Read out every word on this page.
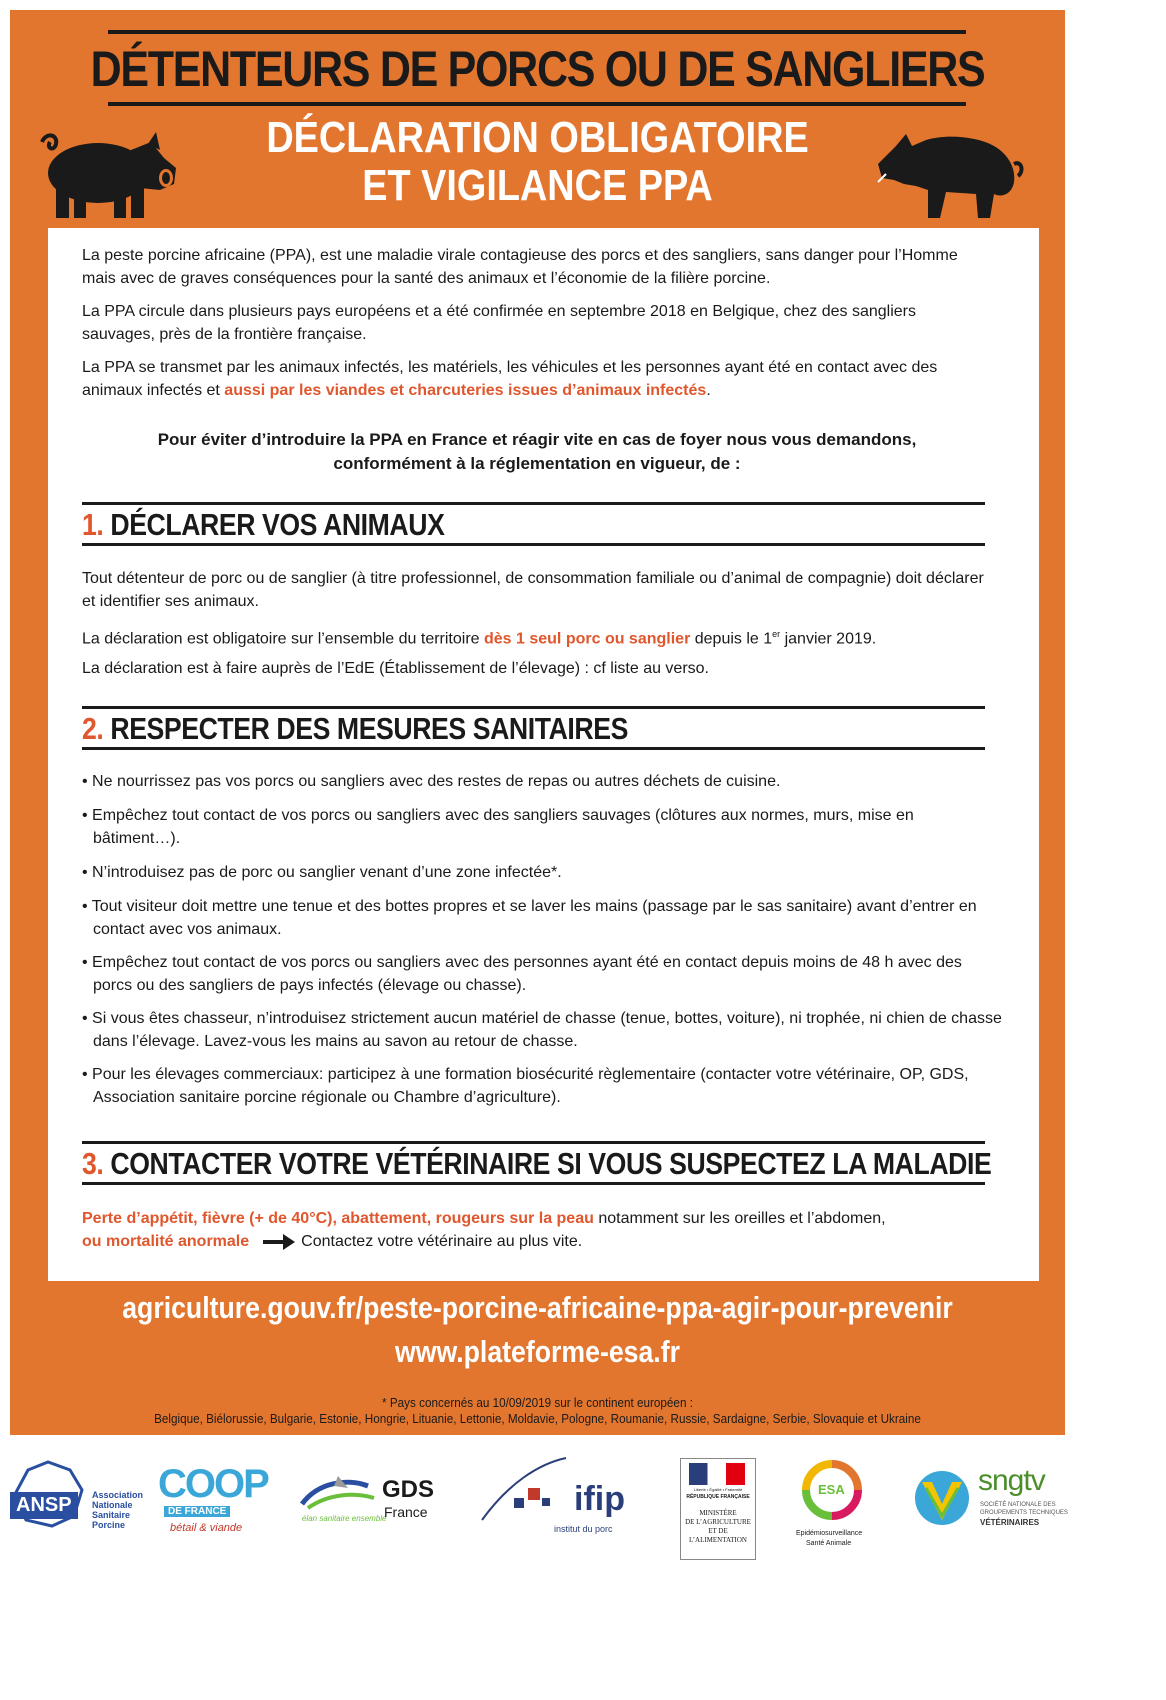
DÉTENTEURS DE PORCS OU DE SANGLIERS
DÉCLARATION OBLIGATOIRE
ET VIGILANCE PPA

La peste porcine africaine (PPA), est une maladie virale contagieuse des porcs et des sangliers, sans danger pour l’Homme mais avec de graves conséquences pour la santé des animaux et l’économie de la filière porcine.

La PPA circule dans plusieurs pays européens et a été confirmée en septembre 2018 en Belgique, chez des sangliers sauvages, près de la frontière française.

La PPA se transmet par les animaux infectés, les matériels, les véhicules et les personnes ayant été en contact avec des animaux infectés et aussi par les viandes et charcuteries issues d’animaux infectés.

Pour éviter d’introduire la PPA en France et réagir vite en cas de foyer nous vous demandons,
conformément à la réglementation en vigueur, de :
1. DÉCLARER VOS ANIMAUX

Tout détenteur de porc ou de sanglier (à titre professionnel, de consommation familiale ou d’animal de compagnie) doit déclarer et identifier ses animaux.

La déclaration est obligatoire sur l’ensemble du territoire dès 1 seul porc ou sanglier depuis le 1er janvier 2019.

La déclaration est à faire auprès de l’EdE (Établissement de l’élevage) : cf liste au verso.

2. RESPECTER DES MESURES SANITAIRES
• Ne nourrissez pas vos porcs ou sangliers avec des restes de repas ou autres déchets de cuisine.
• Empêchez tout contact de vos porcs ou sangliers avec des sangliers sauvages (clôtures aux normes, murs, mise en bâtiment…).
• N’introduisez pas de porc ou sanglier venant d’une zone infectée*.
• Tout visiteur doit mettre une tenue et des bottes propres et se laver les mains (passage par le sas sanitaire) avant d’entrer en contact avec vos animaux.
• Empêchez tout contact de vos porcs ou sangliers avec des personnes ayant été en contact depuis moins de 48 h avec des porcs ou des sangliers de pays infectés (élevage ou chasse).
• Si vous êtes chasseur, n’introduisez strictement aucun matériel de chasse (tenue, bottes, voiture), ni trophée, ni chien de chasse dans l’élevage. Lavez-vous les mains au savon au retour de chasse.
• Pour les élevages commerciaux: participez à une formation biosécurité règlementaire (contacter votre vétérinaire, OP, GDS, Association sanitaire porcine régionale ou Chambre d’agriculture).
3. CONTACTER VOTRE VÉTÉRINAIRE SI VOUS SUSPECTEZ LA MALADIE

Perte d’appétit, fièvre (+ de 40°C), abattement, rougeurs sur la peau notamment sur les oreilles et l’abdomen,

ou mortalité anormale	Contactez votre vétérinaire au plus vite.

agriculture.gouv.fr/peste-porcine-africaine-ppa-agir-pour-prevenir
www.plateforme-esa.fr
* Pays concernés au 10/09/2019 sur le continent européen :
Belgique, Biélorussie, Bulgarie, Estonie, Hongrie, Lituanie, Lettonie, Moldavie, Pologne, Roumanie, Russie, Sardaigne, Serbie, Slovaquie et Ukraine
ANSP	Association
Nationale
Sanitaire
Porcine
COOP
DE FRANCE
bétail & viande
élan sanitaire ensemble
GDS
France	ifip
institut du porc
Liberté • Égalité • Fraternité
RÉPUBLIQUE FRANÇAISE
MINISTÈRE
DE L’AGRICULTURE
ET DE
L’ALIMENTATION
Plateforme
ESA
Epidémiosurveillance
Santé Animale
sngtv
SOCIÉTÉ NATIONALE DES
GROUPEMENTS TECHNIQUES
VÉTÉRINAIRES
